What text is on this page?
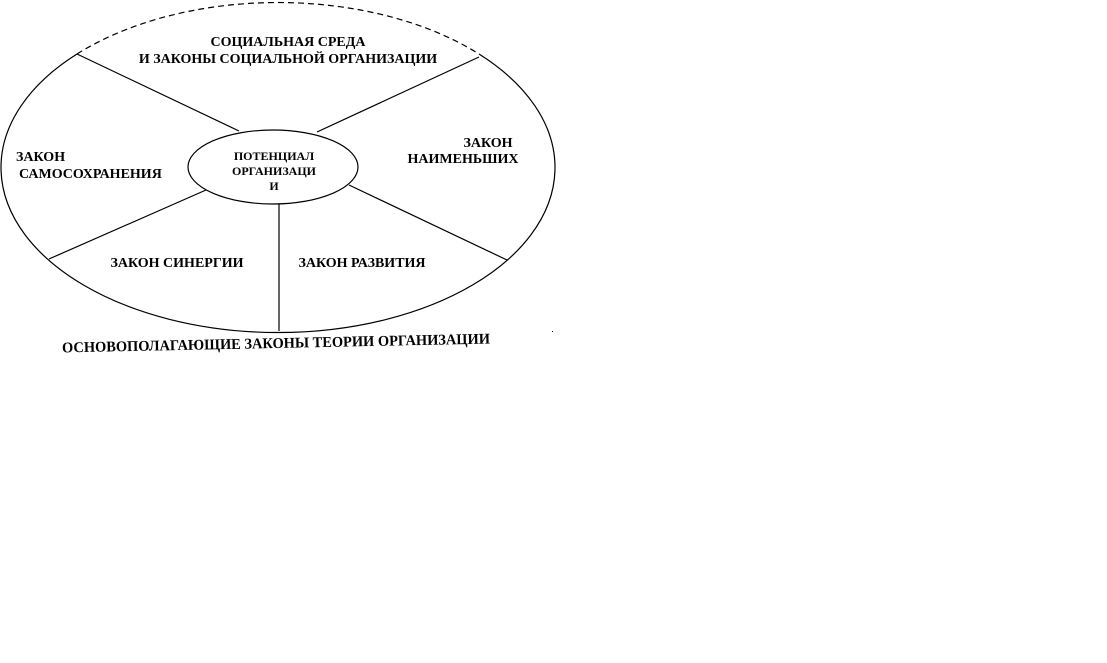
ПОТЕНЦИАЛ
ОРГАНИЗАЦИ
И
СОЦИАЛЬНАЯ СРЕДА
И ЗАКОНЫ СОЦИАЛЬНОЙ ОРГАНИЗАЦИИ
ЗАКОН
САМОСОХРАНЕНИЯ
ЗАКОН
НАИМЕНЬШИХ
ЗАКОН СИНЕРГИИ	ЗАКОН РАЗВИТИЯ
ОСНОВОПОЛАГАЮЩИЕ ЗАКОНЫ ТЕОРИИ ОРГАНИЗАЦИИ
